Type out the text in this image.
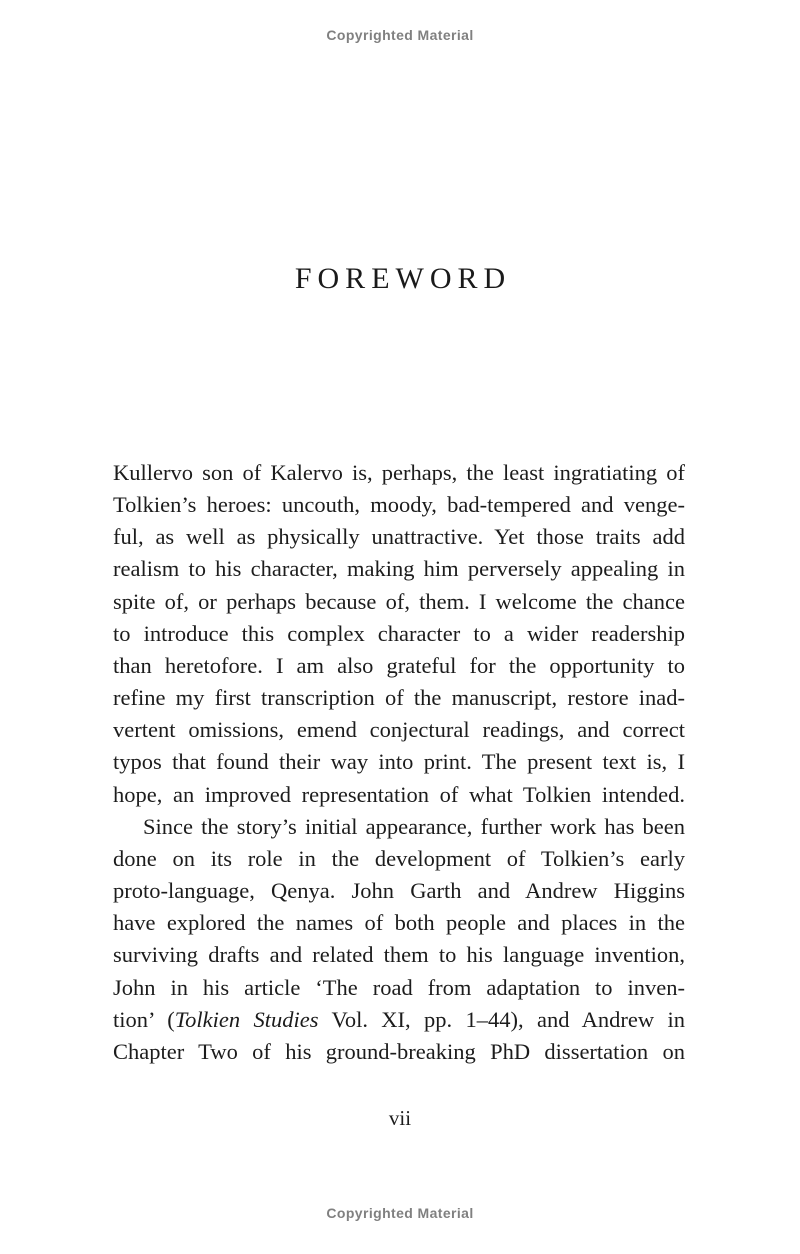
Copyrighted Material
FOREWORD
Kullervo son of Kalervo is, perhaps, the least ingratiating of
Tolkien’s heroes: uncouth, moody, bad-tempered and venge-
ful, as well as physically unattractive. Yet those traits add
realism to his character, making him perversely appealing in
spite of, or perhaps because of, them. I welcome the chance
to introduce this complex character to a wider readership
than heretofore. I am also grateful for the opportunity to
refine my first transcription of the manuscript, restore inad-
vertent omissions, emend conjectural readings, and correct
typos that found their way into print. The present text is, I
hope, an improved representation of what Tolkien intended.
Since the story’s initial appearance, further work has been
done on its role in the development of Tolkien’s early
proto-language, Qenya. John Garth and Andrew Higgins
have explored the names of both people and places in the
surviving drafts and related them to his language invention,
John in his article ‘The road from adaptation to inven-
tion’ (Tolkien Studies Vol. XI, pp. 1–44), and Andrew in
Chapter Two of his ground-breaking PhD dissertation on
vii
Copyrighted Material
